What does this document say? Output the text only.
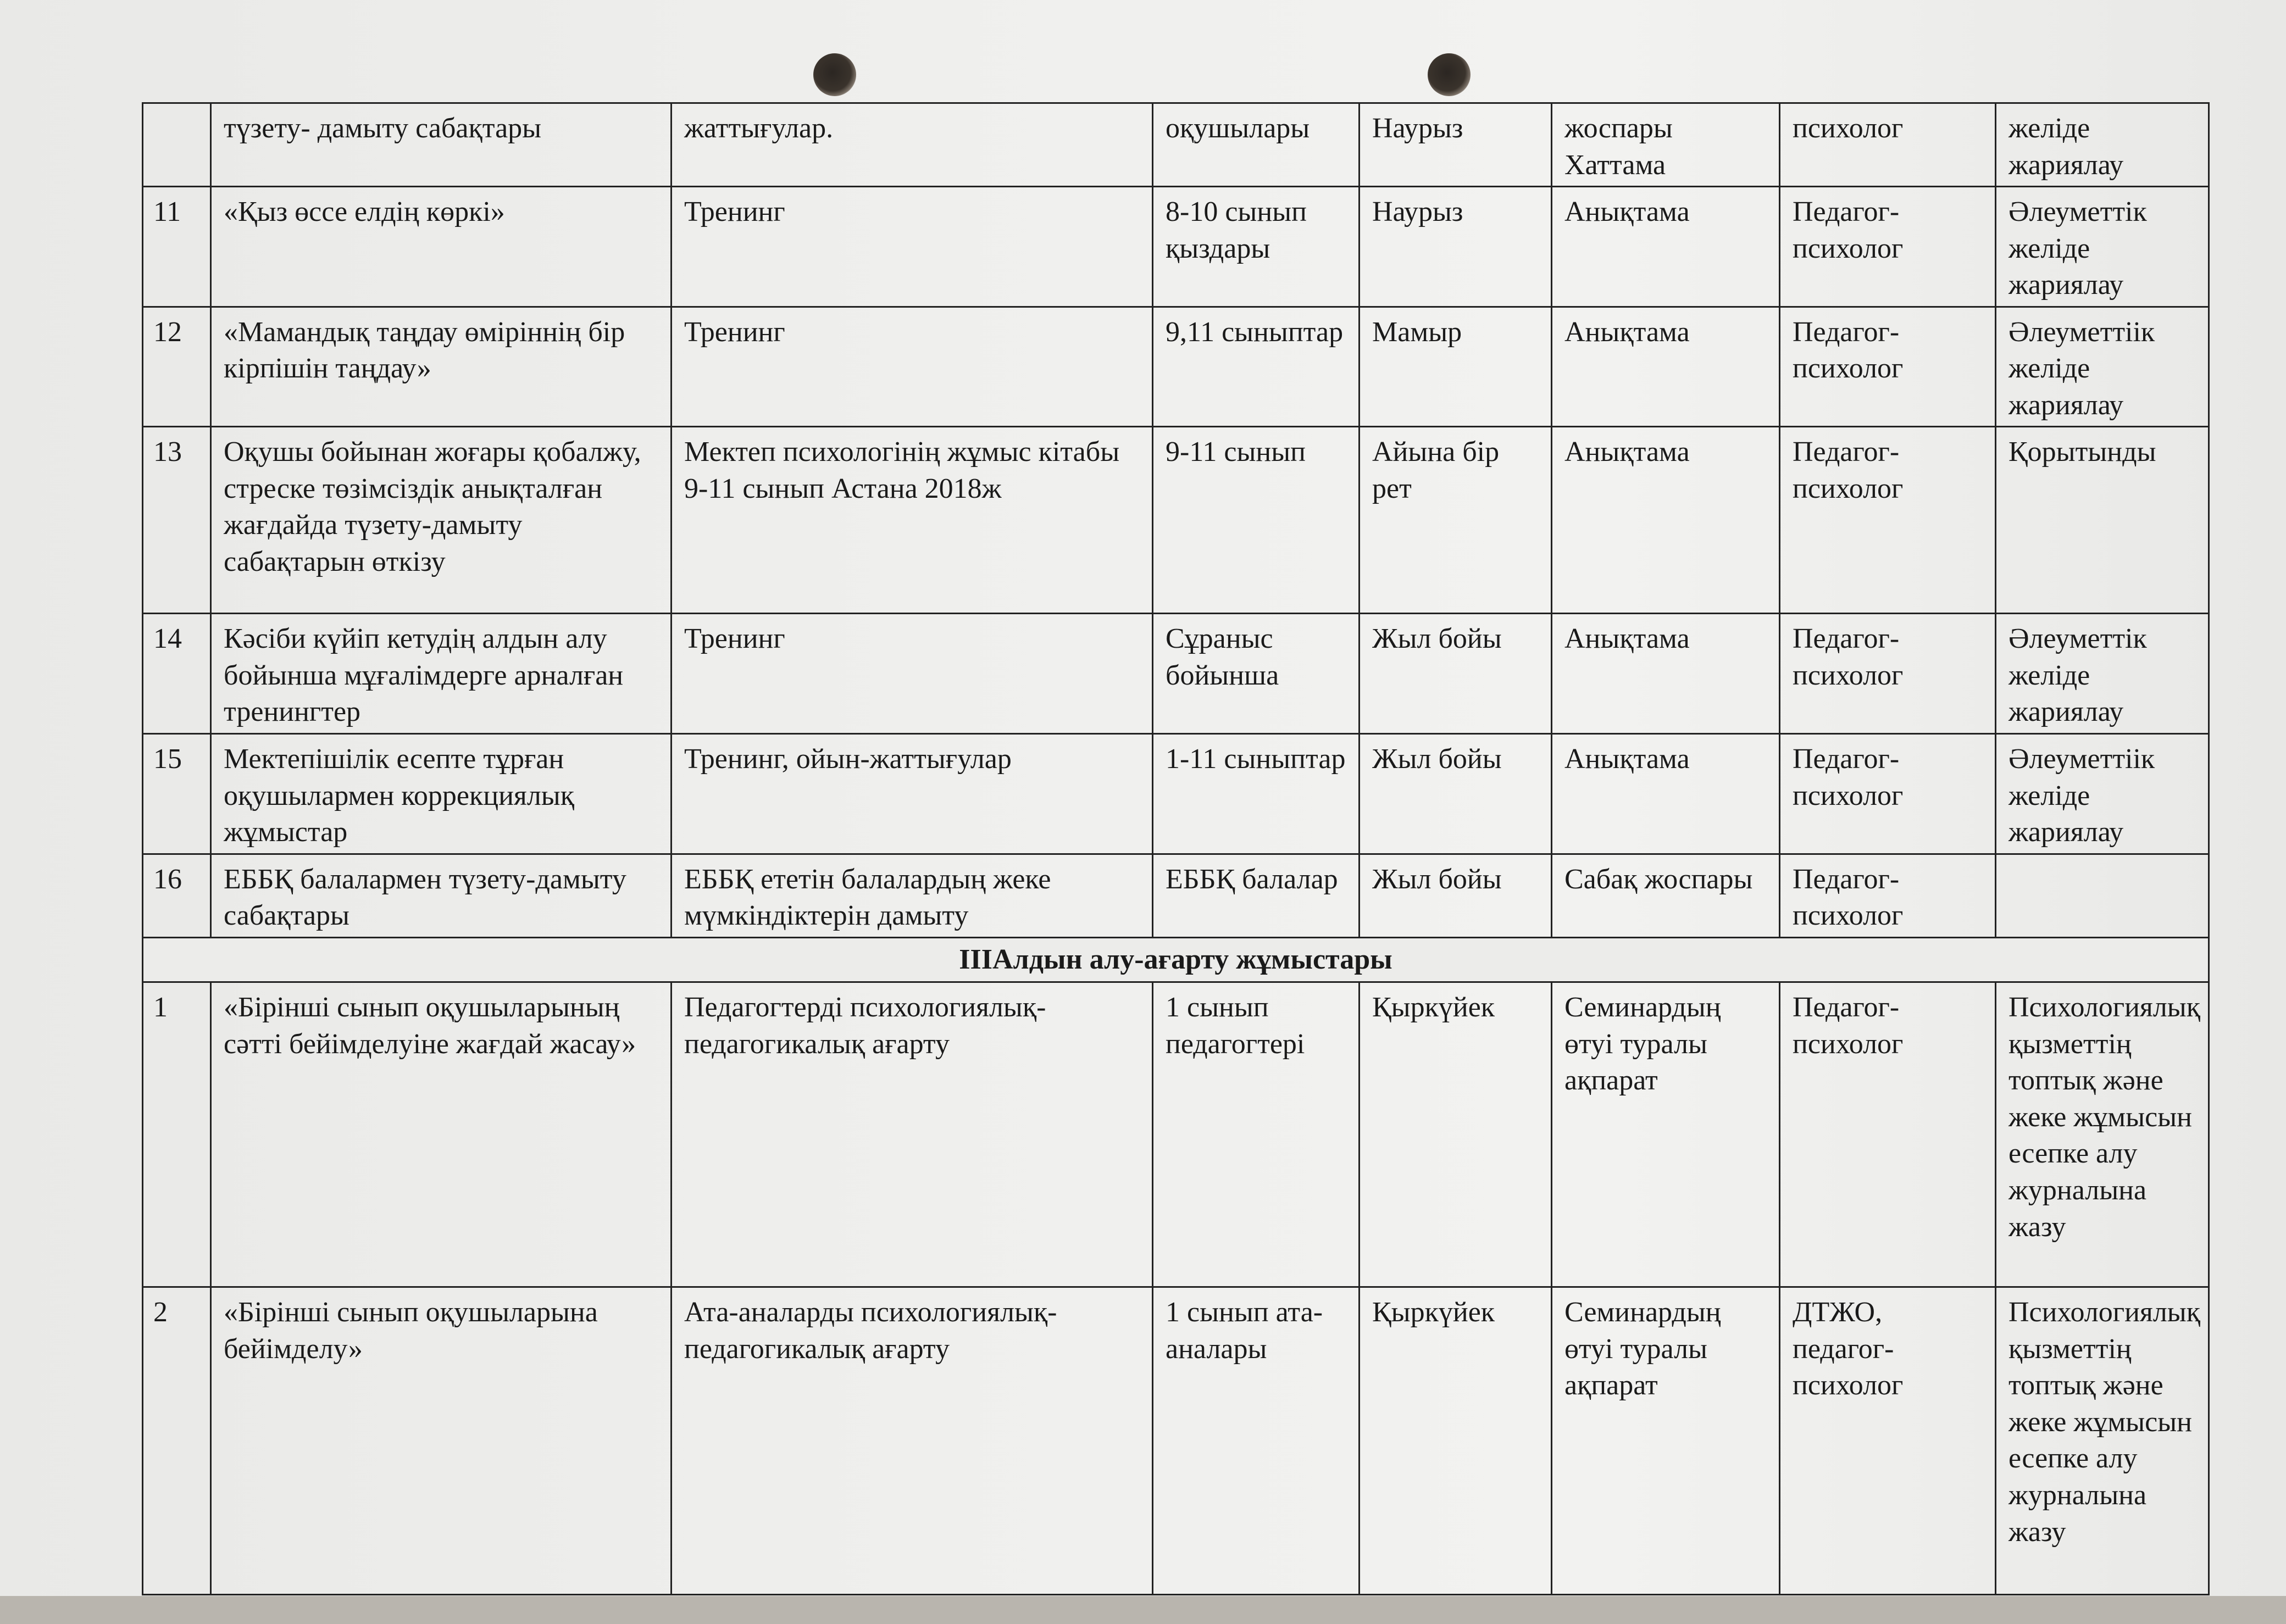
	түзету- дамыту сабақтары	жаттығулар.	оқушылары	Наурыз	жоспары Хаттама	психолог	желіде жариялау
11	«Қыз өссе елдің көркі»	Тренинг	8-10 сынып қыздары	Наурыз	Анықтама	Педагог-психолог	Әлеуметтік желіде жариялау
12	«Мамандық таңдау өміріннің бір кірпішін таңдау»	Тренинг	9,11 сыныптар	Мамыр	Анықтама	Педагог-психолог	Әлеуметтіік желіде жариялау
13	Оқушы бойынан жоғары қобалжу, стреске төзімсіздік анықталған жағдайда түзету-дамыту сабақтарын өткізу	Мектеп психологінің жұмыс кітабы 9-11 сынып Астана 2018ж	9-11 сынып	Айына бір рет	Анықтама	Педагог-психолог	Қорытынды
14	Кәсіби күйіп кетудің алдын алу бойынша мұғалімдерге арналған тренингтер	Тренинг	Сұраныс бойынша	Жыл бойы	Анықтама	Педагог-психолог	Әлеуметтік желіде жариялау
15	Мектепішілік есепте тұрған оқушылармен коррекциялық жұмыстар	Тренинг, ойын-жаттығулар	1-11 сыныптар	Жыл бойы	Анықтама	Педагог-психолог	Әлеуметтіік желіде жариялау
16	ЕББҚ балалармен түзету-дамыту сабақтары	ЕББҚ ететін балалардың жеке мүмкіндіктерін дамыту	ЕББҚ балалар	Жыл бойы	Сабақ жоспары	Педагог-психолог	
IIIАлдын алу-ағарту жұмыстары							
1	«Бірінші сынып оқушыларының сәтті бейімделуіне жағдай жасау»	Педагогтерді психологиялық-педагогикалық ағарту	1 сынып педагогтері	Қыркүйек	Семинардың өтуі туралы ақпарат	Педагог-психолог	Психологиялық қызметтің топтық және жеке жұмысын есепке алу журналына жазу
2	«Бірінші сынып оқушыларына бейімделу»	Ата-аналарды психологиялық-педагогикалық ағарту	1 сынып ата-аналары	Қыркүйек	Семинардың өтуі туралы ақпарат	ДТЖО, педагог-психолог	Психологиялық қызметтің топтық және жеке жұмысын есепке алу журналына жазу
